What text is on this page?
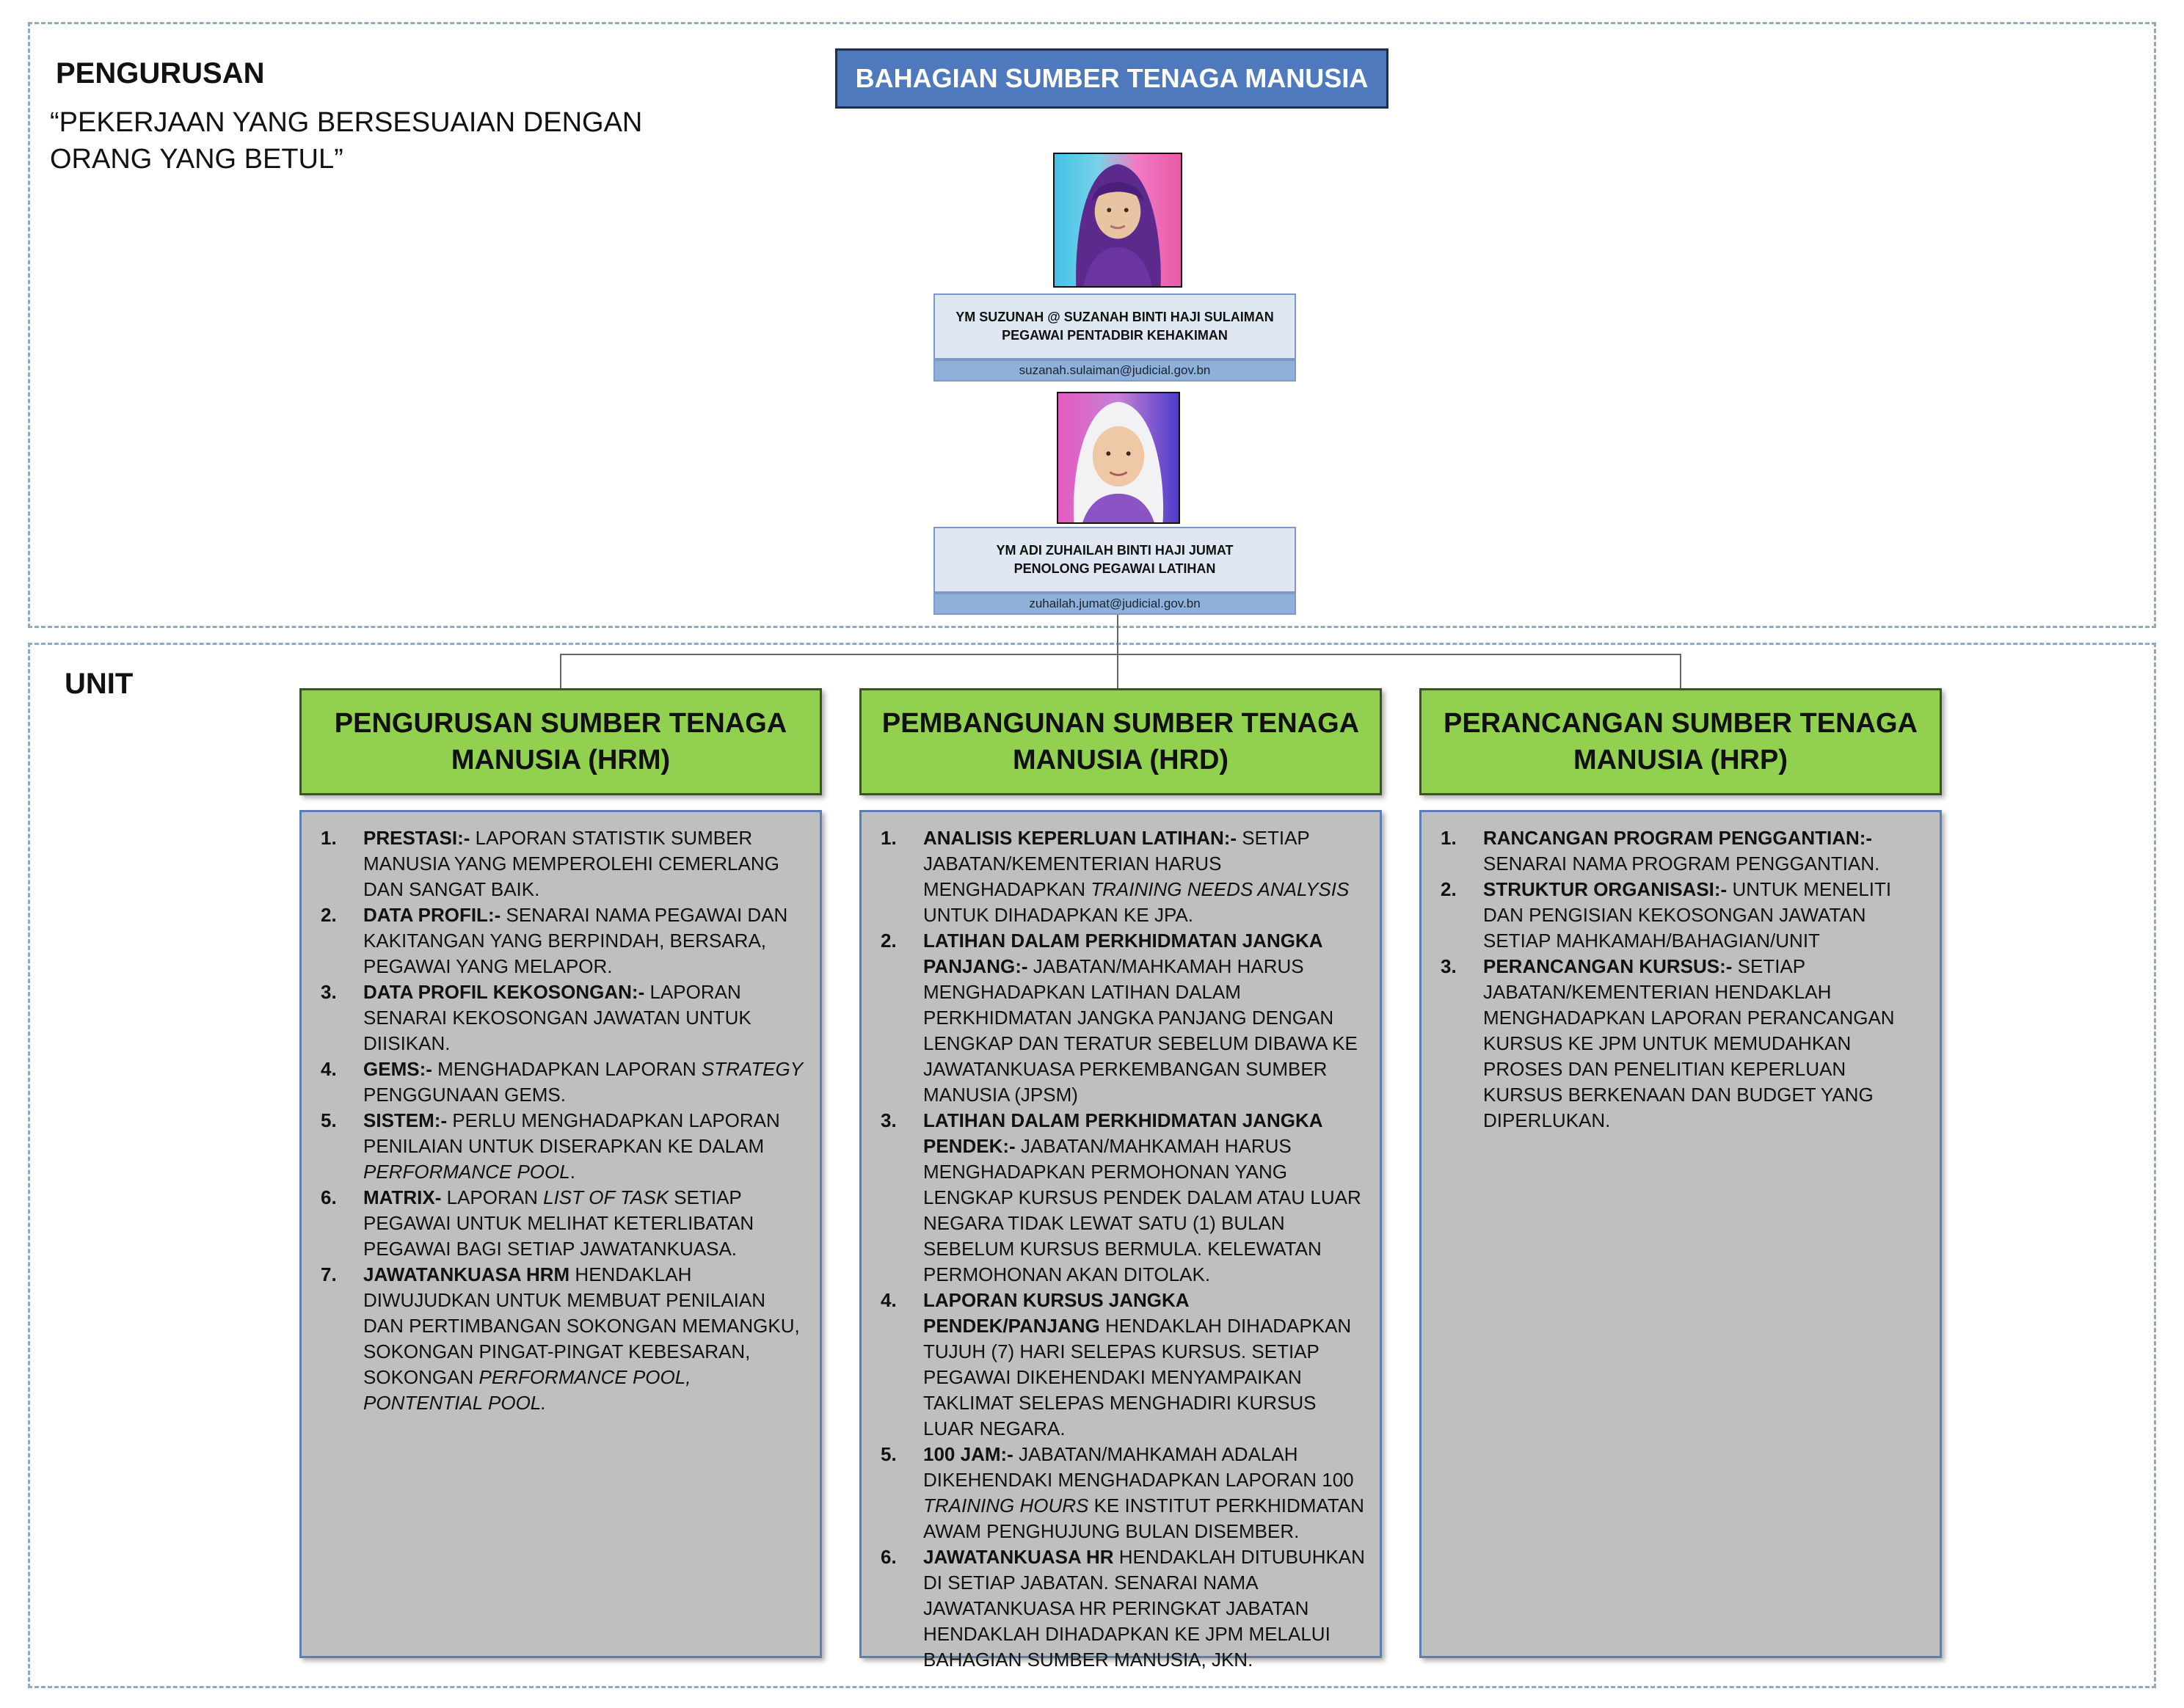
PENGURUSAN
“PEKERJAAN YANG BERSESUAIAN DENGAN
ORANG YANG BETUL”
BAHAGIAN SUMBER TENAGA MANUSIA
YM SUZUNAH @ SUZANAH BINTI HAJI SULAIMAN
PEGAWAI PENTADBIR KEHAKIMAN
suzanah.sulaiman@judicial.gov.bn
YM ADI ZUHAILAH BINTI HAJI JUMAT
PENOLONG PEGAWAI LATIHAN
zuhailah.jumat@judicial.gov.bn
UNIT
PENGURUSAN SUMBER TENAGA
MANUSIA (HRM)
PEMBANGUNAN SUMBER TENAGA
MANUSIA (HRD)
PERANCANGAN SUMBER TENAGA
MANUSIA (HRP)
1. PRESTASI:- LAPORAN STATISTIK SUMBER MANUSIA YANG MEMPEROLEHI CEMERLANG DAN SANGAT BAIK.
2. DATA PROFIL:- SENARAI NAMA PEGAWAI DAN KAKITANGAN YANG BERPINDAH, BERSARA, PEGAWAI YANG MELAPOR.
3. DATA PROFIL KEKOSONGAN:- LAPORAN SENARAI KEKOSONGAN JAWATAN UNTUK DIISIKAN.
4. GEMS:- MENGHADAPKAN LAPORAN STRATEGY PENGGUNAAN GEMS.
5. SISTEM:- PERLU MENGHADAPKAN LAPORAN PENILAIAN UNTUK DISERAPKAN KE DALAM PERFORMANCE POOL.
6. MATRIX- LAPORAN LIST OF TASK SETIAP PEGAWAI UNTUK MELIHAT KETERLIBATAN PEGAWAI BAGI SETIAP JAWATANKUASA.
7. JAWATANKUASA HRM HENDAKLAH DIWUJUDKAN UNTUK MEMBUAT PENILAIAN DAN PERTIMBANGAN SOKONGAN MEMANGKU, SOKONGAN PINGAT-PINGAT KEBESARAN, SOKONGAN PERFORMANCE POOL, PONTENTIAL POOL.
1. ANALISIS KEPERLUAN LATIHAN:- SETIAP JABATAN/KEMENTERIAN HARUS MENGHADAPKAN TRAINING NEEDS ANALYSIS UNTUK DIHADAPKAN KE JPA.
2. LATIHAN DALAM PERKHIDMATAN JANGKA PANJANG:- JABATAN/MAHKAMAH HARUS MENGHADAPKAN LATIHAN DALAM PERKHIDMATAN JANGKA PANJANG DENGAN LENGKAP DAN TERATUR SEBELUM DIBAWA KE JAWATANKUASA PERKEMBANGAN SUMBER MANUSIA (JPSM)
3. LATIHAN DALAM PERKHIDMATAN JANGKA PENDEK:- JABATAN/MAHKAMAH HARUS MENGHADAPKAN PERMOHONAN YANG LENGKAP KURSUS PENDEK DALAM ATAU LUAR NEGARA TIDAK LEWAT SATU (1) BULAN SEBELUM KURSUS BERMULA. KELEWATAN PERMOHONAN AKAN DITOLAK.
4. LAPORAN KURSUS JANGKA PENDEK/PANJANG HENDAKLAH DIHADAPKAN TUJUH (7) HARI SELEPAS KURSUS. SETIAP PEGAWAI DIKEHENDAKI MENYAMPAIKAN TAKLIMAT SELEPAS MENGHADIRI KURSUS LUAR NEGARA.
5. 100 JAM:- JABATAN/MAHKAMAH ADALAH DIKEHENDAKI MENGHADAPKAN LAPORAN 100 TRAINING HOURS KE INSTITUT PERKHIDMATAN AWAM PENGHUJUNG BULAN DISEMBER.
6. JAWATANKUASA HR HENDAKLAH DITUBUHKAN DI SETIAP JABATAN. SENARAI NAMA JAWATANKUASA HR PERINGKAT JABATAN HENDAKLAH DIHADAPKAN KE JPM MELALUI BAHAGIAN SUMBER MANUSIA, JKN.
1. RANCANGAN PROGRAM PENGGANTIAN:- SENARAI NAMA PROGRAM PENGGANTIAN.
2. STRUKTUR ORGANISASI:- UNTUK MENELITI DAN PENGISIAN KEKOSONGAN JAWATAN SETIAP MAHKAMAH/BAHAGIAN/UNIT
3. PERANCANGAN KURSUS:- SETIAP JABATAN/KEMENTERIAN HENDAKLAH MENGHADAPKAN LAPORAN PERANCANGAN KURSUS KE JPM UNTUK MEMUDAHKAN PROSES DAN PENELITIAN KEPERLUAN KURSUS BERKENAAN DAN BUDGET YANG DIPERLUKAN.
